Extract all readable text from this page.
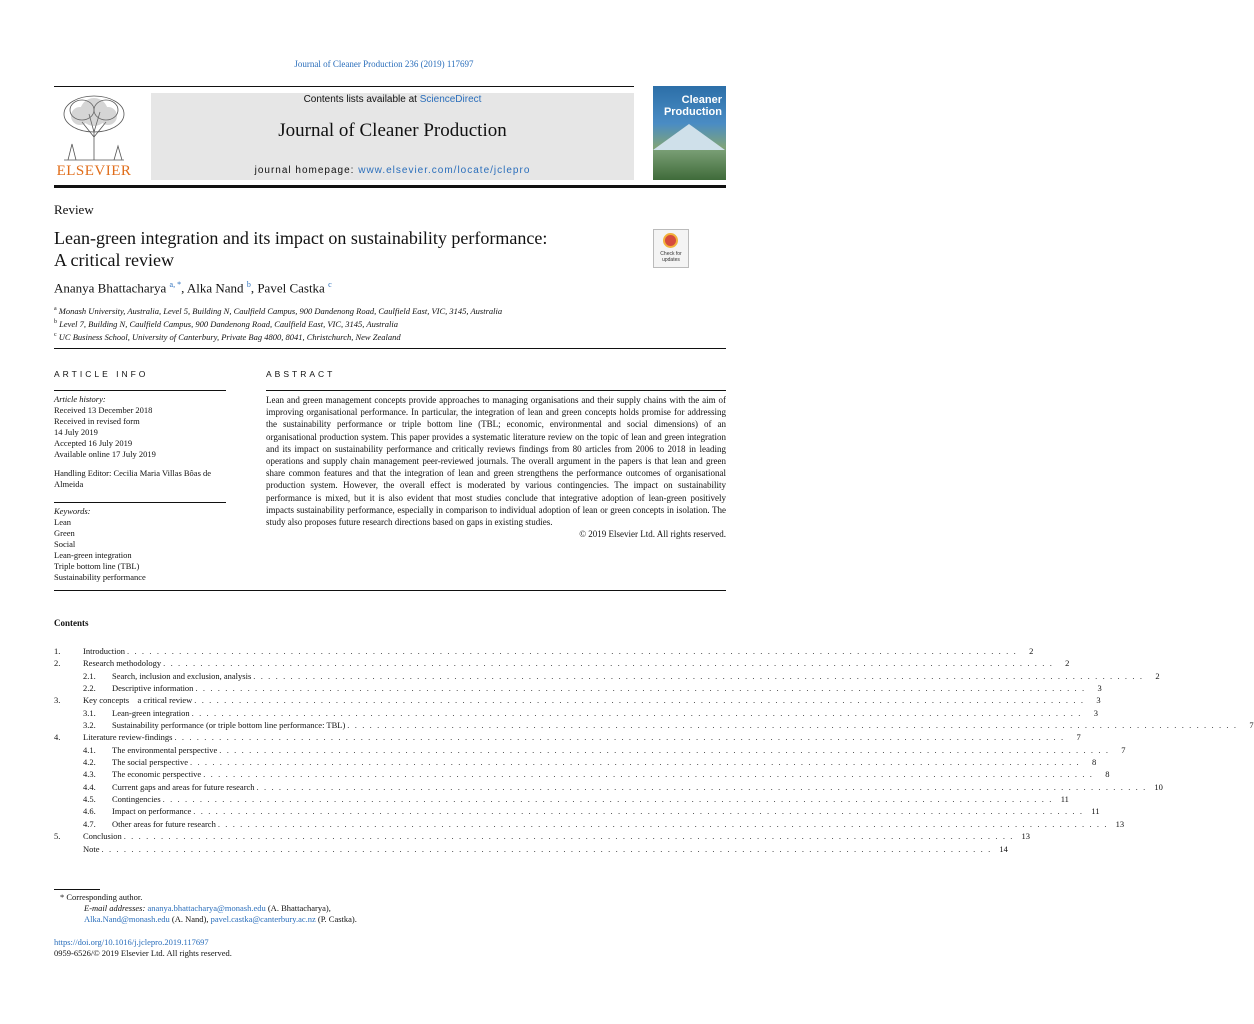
Journal of Cleaner Production 236 (2019) 117697
ELSEVIER
Contents lists available at ScienceDirect
Journal of Cleaner Production
journal homepage: www.elsevier.com/locate/jclepro
Cleaner
Production
Review
Lean-green integration and its impact on sustainability performance:
A critical review	Check for updates
Ananya Bhattacharya $^{a, *}$, Alka Nand $^b$, Pavel Castka $^c$
$^a$ Monash University, Australia, Level 5, Building N, Caulfield Campus, 900 Dandenong Road, Caulfield East, VIC, 3145, Australia
$^b$ Level 7, Building N, Caulfield Campus, 900 Dandenong Road, Caulfield East, VIC, 3145, Australia
$^c$ UC Business School, University of Canterbury, Private Bag 4800, 8041, Christchurch, New Zealand
ARTICLE INFO
Article history:
Received 13 December 2018
Received in revised form
14 July 2019
Accepted 16 July 2019
Available online 17 July 2019
Handling Editor: Cecilia Maria Villas Bôas de
Almeida
Keywords:
Lean
Green
Social
Lean-green integration
Triple bottom line (TBL)
Sustainability performance
ABSTRACT
Lean and green management concepts provide approaches to managing organisations and their supply chains with the aim of improving organisational performance. In particular, the integration of lean and green concepts holds promise for addressing the sustainability performance or triple bottom line (TBL; economic, environmental and social dimensions) of an organisational production system. This paper provides a systematic literature review on the topic of lean and green integration and its impact on sustainability performance and critically reviews findings from 80 articles from 2006 to 2018 in leading operations and supply chain management peer-reviewed journals. The overall argument in the papers is that lean and green share common features and that the integration of lean and green strengthens the performance outcomes of organisational production system. However, the overall effect is moderated by various contingencies. The impact on sustainability performance is mixed, but it is also evident that most studies conclude that integrative adoption of lean-green positively impacts sustainability performance, especially in comparison to individual adoption of lean or green concepts in isolation. The study also proposes future research directions based on gaps in existing studies.
© 2019 Elsevier Ltd. All rights reserved.
Contents
1.	Introduction . . . . . . . . . . . . . . . . . . . . . . . . . . . . . . . . . . . . . . . . . . . . . . . . . . . . . . . . . . . . . . . . . . . . . . . . . . . . . . . . . . . . . . . . . . . . . . . . . . . . . . . . . . . . . . . . . . . . . . . .	2
2.	Research methodology . . . . . . . . . . . . . . . . . . . . . . . . . . . . . . . . . . . . . . . . . . . . . . . . . . . . . . . . . . . . . . . . . . . . . . . . . . . . . . . . . . . . . . . . . . . . . . . . . . . . . . . . . . . . . . . . . . . . . . . .	2
2.1.	Search, inclusion and exclusion, analysis . . . . . . . . . . . . . . . . . . . . . . . . . . . . . . . . . . . . . . . . . . . . . . . . . . . . . . . . . . . . . . . . . . . . . . . . . . . . . . . . . . . . . . . . . . . . . . . . . . . . . . . . . . . . . . . . . . . . . . . .	2
2.2.	Descriptive information . . . . . . . . . . . . . . . . . . . . . . . . . . . . . . . . . . . . . . . . . . . . . . . . . . . . . . . . . . . . . . . . . . . . . . . . . . . . . . . . . . . . . . . . . . . . . . . . . . . . . . . . . . . . . . . . . . . . . . . .	3
3.	Key concepts a critical review . . . . . . . . . . . . . . . . . . . . . . . . . . . . . . . . . . . . . . . . . . . . . . . . . . . . . . . . . . . . . . . . . . . . . . . . . . . . . . . . . . . . . . . . . . . . . . . . . . . . . . . . . . . . . . . . . . . . . . . .	3
3.1.	Lean-green integration . . . . . . . . . . . . . . . . . . . . . . . . . . . . . . . . . . . . . . . . . . . . . . . . . . . . . . . . . . . . . . . . . . . . . . . . . . . . . . . . . . . . . . . . . . . . . . . . . . . . . . . . . . . . . . . . . . . . . . . .	3
3.2.	Sustainability performance (or triple bottom line performance: TBL) . . . . . . . . . . . . . . . . . . . . . . . . . . . . . . . . . . . . . . . . . . . . . . . . . . . . . . . . . . . . . . . . . . . . . . . . . . . . . . . . . . . . . . . . . . . . . . . . . . . . . . . . . . . . . . . . . . . . . . . .	7
4.	Literature review-findings . . . . . . . . . . . . . . . . . . . . . . . . . . . . . . . . . . . . . . . . . . . . . . . . . . . . . . . . . . . . . . . . . . . . . . . . . . . . . . . . . . . . . . . . . . . . . . . . . . . . . . . . . . . . . . . . . . . . . . . .	7
4.1.	The environmental perspective . . . . . . . . . . . . . . . . . . . . . . . . . . . . . . . . . . . . . . . . . . . . . . . . . . . . . . . . . . . . . . . . . . . . . . . . . . . . . . . . . . . . . . . . . . . . . . . . . . . . . . . . . . . . . . . . . . . . . . . .	7
4.2.	The social perspective . . . . . . . . . . . . . . . . . . . . . . . . . . . . . . . . . . . . . . . . . . . . . . . . . . . . . . . . . . . . . . . . . . . . . . . . . . . . . . . . . . . . . . . . . . . . . . . . . . . . . . . . . . . . . . . . . . . . . . . .	8
4.3.	The economic perspective . . . . . . . . . . . . . . . . . . . . . . . . . . . . . . . . . . . . . . . . . . . . . . . . . . . . . . . . . . . . . . . . . . . . . . . . . . . . . . . . . . . . . . . . . . . . . . . . . . . . . . . . . . . . . . . . . . . . . . . .	8
4.4.	Current gaps and areas for future research . . . . . . . . . . . . . . . . . . . . . . . . . . . . . . . . . . . . . . . . . . . . . . . . . . . . . . . . . . . . . . . . . . . . . . . . . . . . . . . . . . . . . . . . . . . . . . . . . . . . . . . . . . . . . . . . . . . . . . . . 10
4.5.	Contingencies . . . . . . . . . . . . . . . . . . . . . . . . . . . . . . . . . . . . . . . . . . . . . . . . . . . . . . . . . . . . . . . . . . . . . . . . . . . . . . . . . . . . . . . . . . . . . . . . . . . . . . . . . . . . . . . . . . . . . . . . 11
4.6.	Impact on performance . . . . . . . . . . . . . . . . . . . . . . . . . . . . . . . . . . . . . . . . . . . . . . . . . . . . . . . . . . . . . . . . . . . . . . . . . . . . . . . . . . . . . . . . . . . . . . . . . . . . . . . . . . . . . . . . . . . . . . . . 11
4.7.	Other areas for future research . . . . . . . . . . . . . . . . . . . . . . . . . . . . . . . . . . . . . . . . . . . . . . . . . . . . . . . . . . . . . . . . . . . . . . . . . . . . . . . . . . . . . . . . . . . . . . . . . . . . . . . . . . . . . . . . . . . . . . . . 13
5.	Conclusion . . . . . . . . . . . . . . . . . . . . . . . . . . . . . . . . . . . . . . . . . . . . . . . . . . . . . . . . . . . . . . . . . . . . . . . . . . . . . . . . . . . . . . . . . . . . . . . . . . . . . . . . . . . . . . . . . . . . . . . . 13
Note . . . . . . . . . . . . . . . . . . . . . . . . . . . . . . . . . . . . . . . . . . . . . . . . . . . . . . . . . . . . . . . . . . . . . . . . . . . . . . . . . . . . . . . . . . . . . . . . . . . . . . . . . . . . . . . . . . . . . . . . 14
* Corresponding author.
E-mail addresses: ananya.bhattacharya@monash.edu (A. Bhattacharya), Alka.Nand@monash.edu (A. Nand), pavel.castka@canterbury.ac.nz (P. Castka).
https://doi.org/10.1016/j.jclepro.2019.117697
0959-6526/© 2019 Elsevier Ltd. All rights reserved.
